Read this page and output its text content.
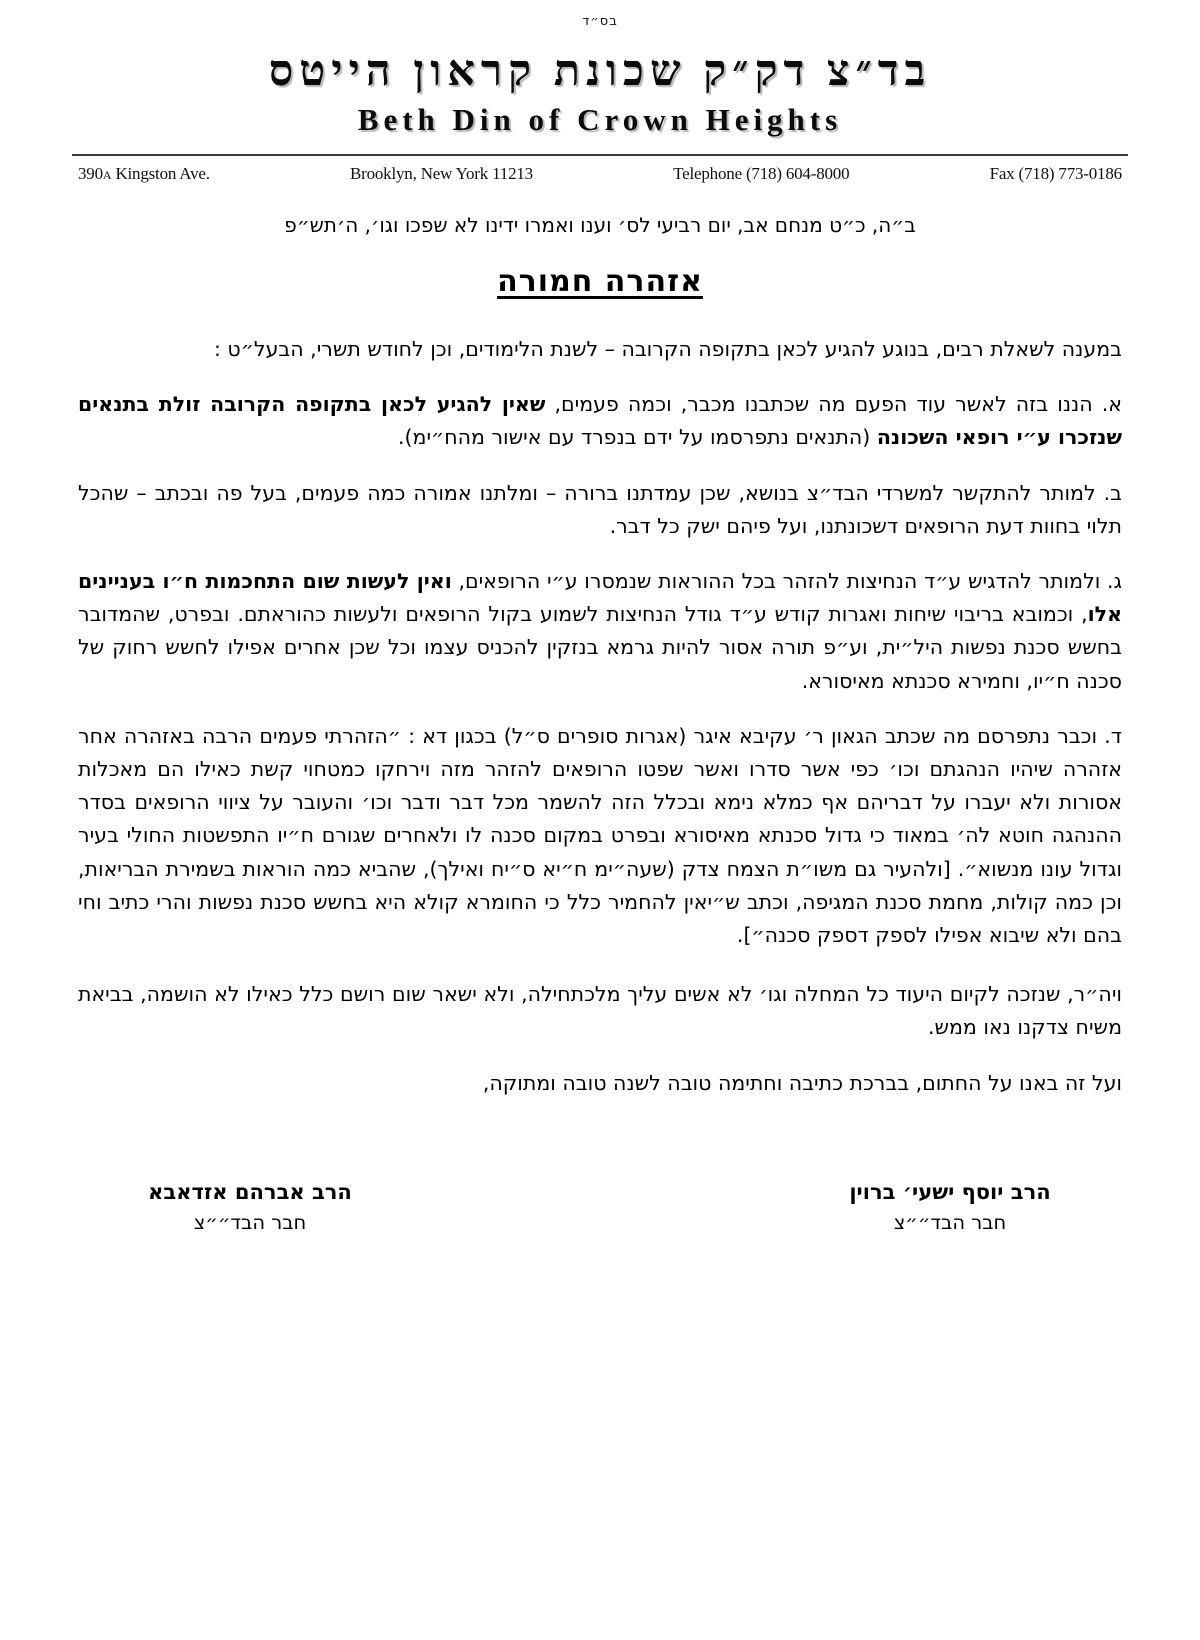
בס״ד
בד״צ דק״ק שכונת קראון הייטס
Beth Din of Crown Heights
390A Kingston Ave.	Brooklyn, New York 11213	Telephone (718) 604-8000	Fax (718) 773-0186
ב״ה, כ״ט מנחם אב, יום רביעי לס׳ וענו ואמרו ידינו לא שפכו וגו׳, ה׳תש״פ
אזהרה חמורה

במענה לשאלת רבים, בנוגע להגיע לכאן בתקופה הקרובה – לשנת הלימודים, וכן לחודש תשרי, הבעל״ט :

א. הננו בזה לאשר עוד הפעם מה שכתבנו מכבר, וכמה פעמים, שאין להגיע לכאן בתקופה הקרובה זולת בתנאים שנזכרו ע״י רופאי השכונה (התנאים נתפרסמו על ידם בנפרד עם אישור מהח״ימ).

ב. למותר להתקשר למשרדי הבד״צ בנושא, שכן עמדתנו ברורה – ומלתנו אמורה כמה פעמים, בעל פה ובכתב – שהכל תלוי בחוות דעת הרופאים דשכונתנו, ועל פיהם ישק כל דבר.

ג. ולמותר להדגיש ע״ד הנחיצות להזהר בכל ההוראות שנמסרו ע״י הרופאים, ואין לעשות שום התחכמות ח״ו בעניינים אלו, וכמובא בריבוי שיחות ואגרות קודש ע״ד גודל הנחיצות לשמוע בקול הרופאים ולעשות כהוראתם. ובפרט, שהמדובר בחשש סכנת נפשות היל״ית, וע״פ תורה אסור להיות גרמא בנזקין להכניס עצמו וכל שכן אחרים אפילו לחשש רחוק של סכנה ח״יו, וחמירא סכנתא מאיסורא.

ד. וכבר נתפרסם מה שכתב הגאון ר׳ עקיבא איגר (אגרות סופרים ס״ל) בכגון דא : ״הזהרתי פעמים הרבה באזהרה אחר אזהרה שיהיו הנהגתם וכו׳ כפי אשר סדרו ואשר שפטו הרופאים להזהר מזה וירחקו כמטחוי קשת כאילו הם מאכלות אסורות ולא יעברו על דבריהם אף כמלא נימא ובכלל הזה להשמר מכל דבר ודבר וכו׳ והעובר על ציווי הרופאים בסדר ההנהגה חוטא לה׳ במאוד כי גדול סכנתא מאיסורא ובפרט במקום סכנה לו ולאחרים שגורם ח״יו התפשטות החולי בעיר וגדול עונו מנשוא״. [ולהעיר גם משו״ת הצמח צדק (שעה״ימ ח״יא ס״יח ואילך), שהביא כמה הוראות בשמירת הבריאות, וכן כמה קולות, מחמת סכנת המגיפה, וכתב ש״יאין להחמיר כלל כי החומרא קולא היא בחשש סכנת נפשות והרי כתיב וחי בהם ולא שיבוא אפילו לספק דספק סכנה״].

ויה״ר, שנזכה לקיום היעוד כל המחלה וגו׳ לא אשים עליך מלכתחילה, ולא ישאר שום רושם כלל כאילו לא הושמה, בביאת משיח צדקנו נאו ממש.

ועל זה באנו על החתום, בברכת כתיבה וחתימה טובה לשנה טובה ומתוקה,

הרב יוסף ישעי׳ ברוין
חבר הבד״״צ
הרב אברהם אזדאבא
חבר הבד״״צ
